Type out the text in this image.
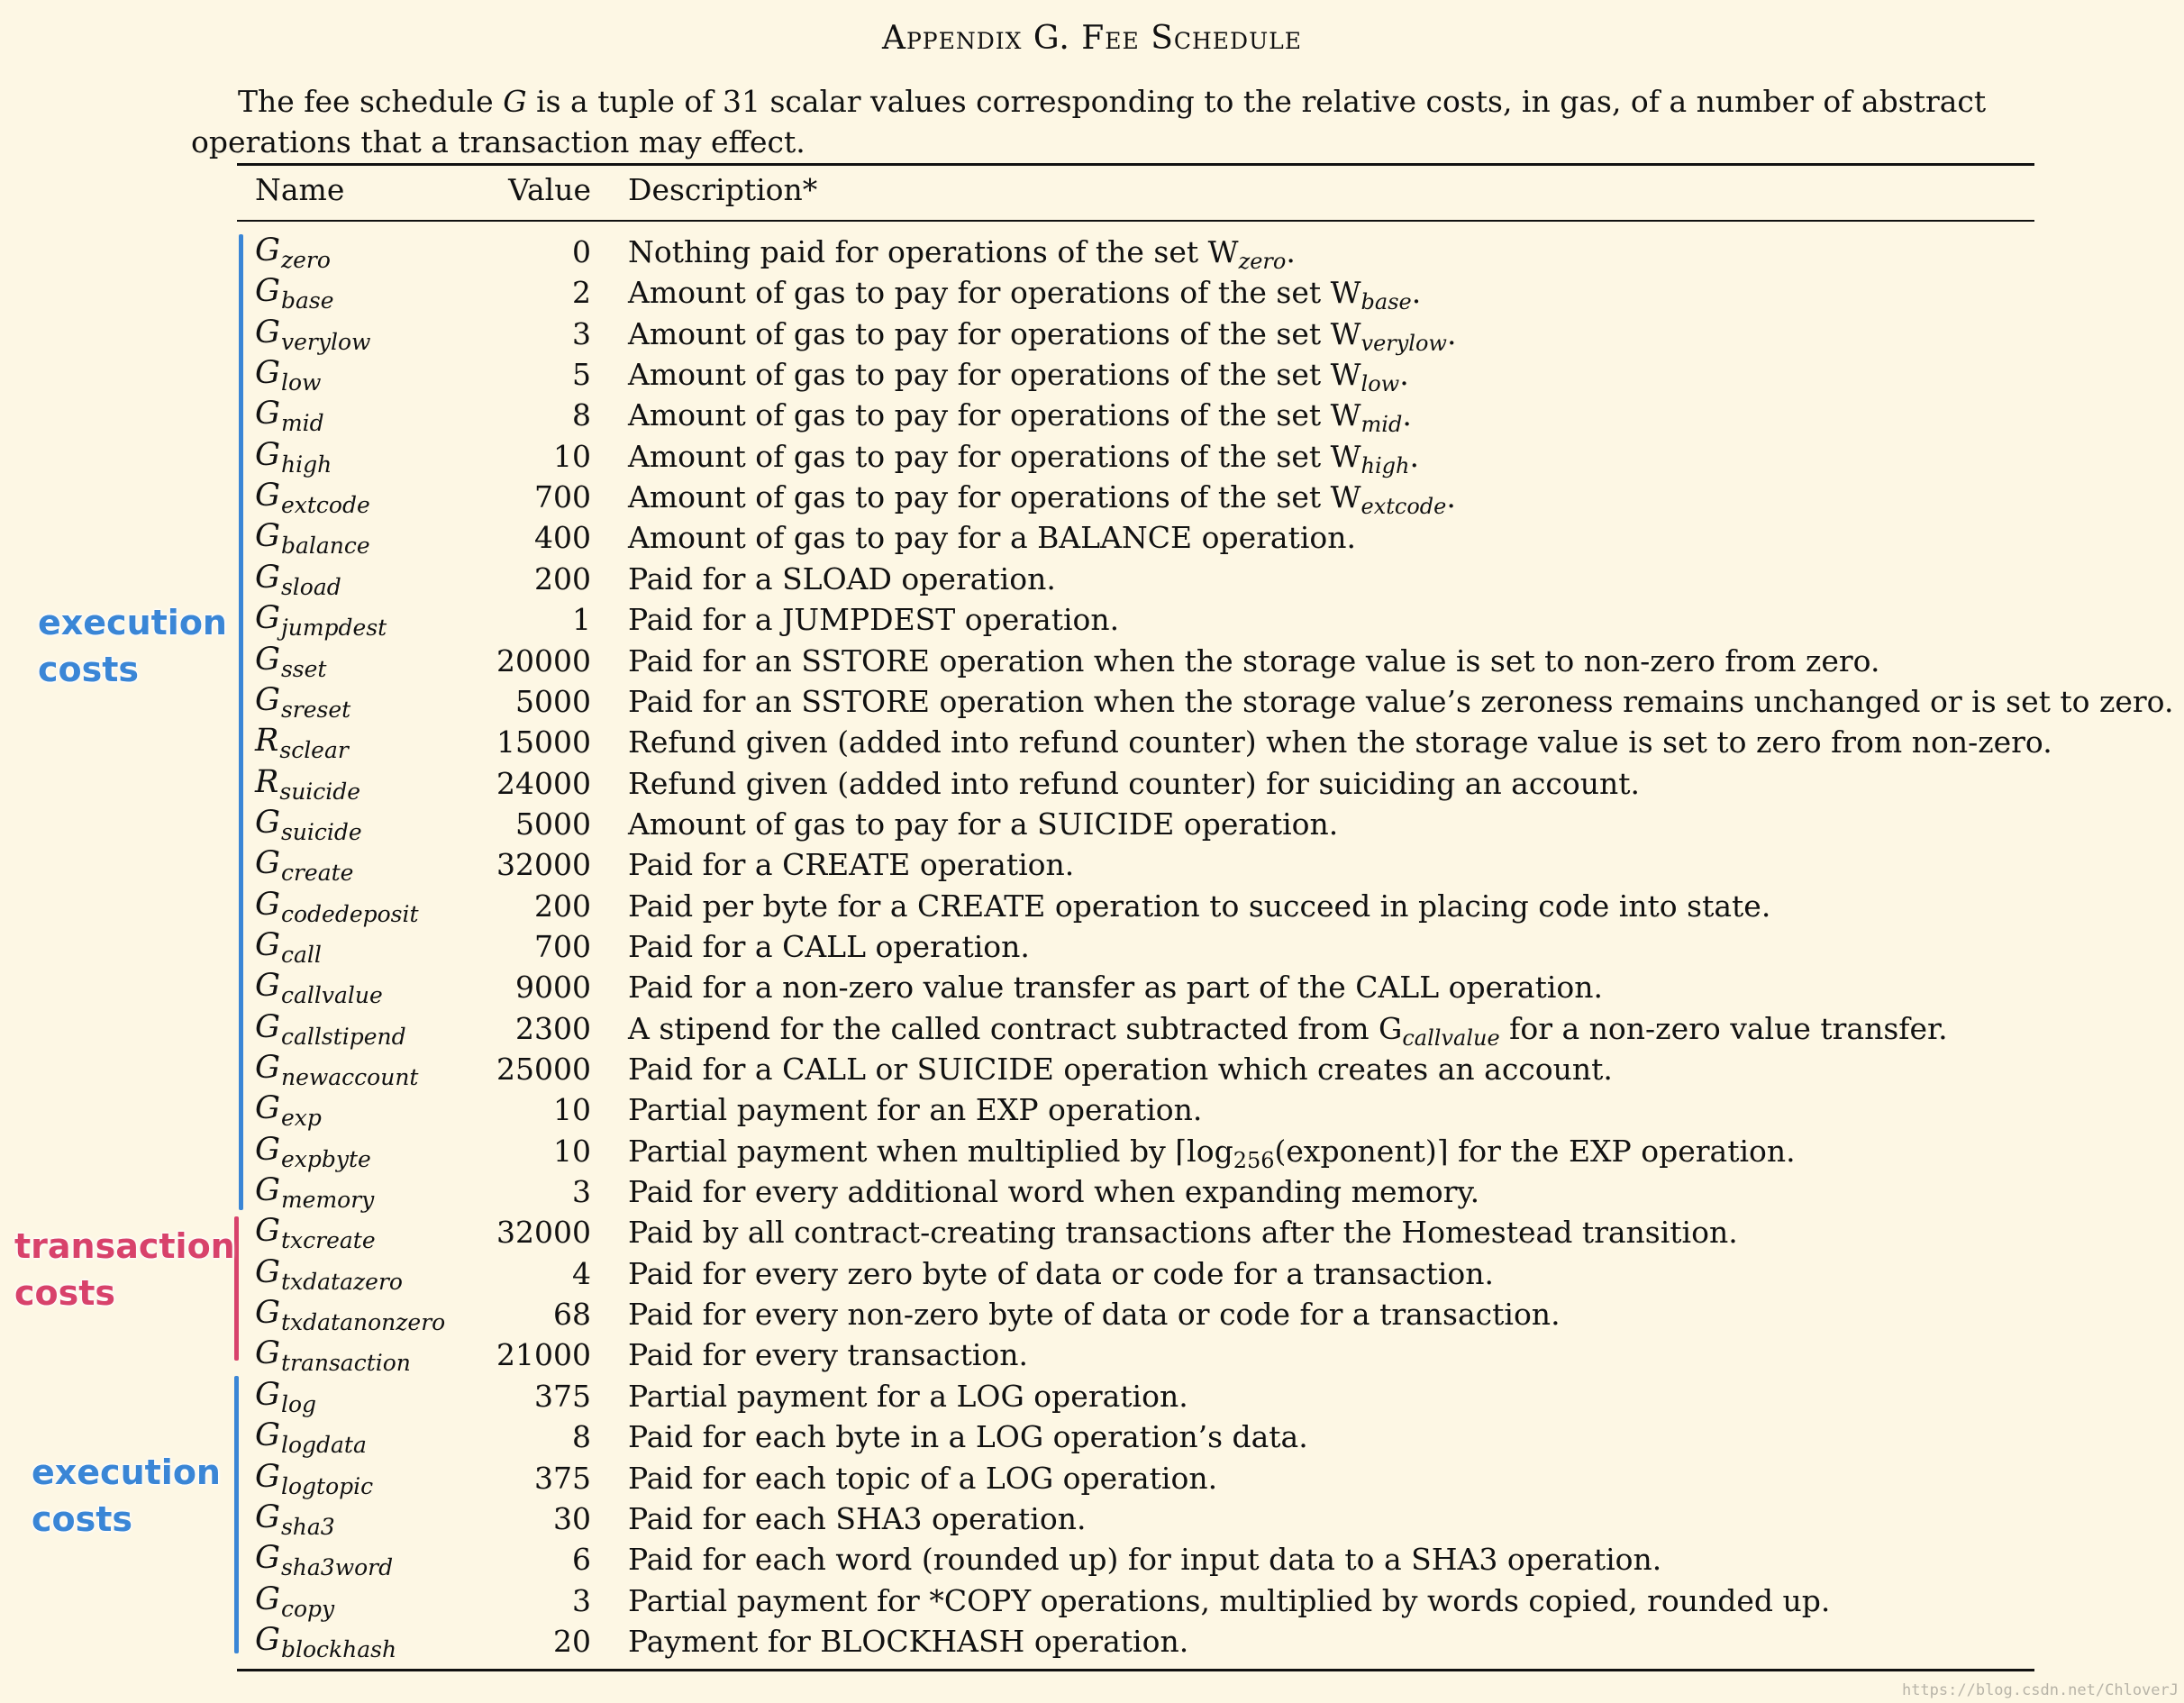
Appendix G. Fee Schedule
The fee schedule G is a tuple of 31 scalar values corresponding to the relative costs, in gas, of a number of abstract operations that a transaction may effect.
Name	Value Description*
$G_{zero}$	0 Nothing paid for operations of the set $W_{zero}$.
$G_{base}$	2 Amount of gas to pay for operations of the set $W_{base}$.
$G_{verylow}$	3 Amount of gas to pay for operations of the set $W_{verylow}$.
$G_{low}$	5 Amount of gas to pay for operations of the set $W_{low}$.
$G_{mid}$	8 Amount of gas to pay for operations of the set $W_{mid}$.
$G_{high}$	10 Amount of gas to pay for operations of the set $W_{high}$.
$G_{extcode}$	700 Amount of gas to pay for operations of the set $W_{extcode}$.
$G_{balance}$	400 Amount of gas to pay for a BALANCE operation.
$G_{sload}$	200 Paid for a SLOAD operation.
$G_{jumpdest}$	1 Paid for a JUMPDEST operation.
$G_{sset}$	20000 Paid for an SSTORE operation when the storage value is set to non-zero from zero.
$G_{sreset}$	5000 Paid for an SSTORE operation when the storage value’s zeroness remains unchanged or is set to zero.
$R_{sclear}$	15000 Refund given (added into refund counter) when the storage value is set to zero from non-zero.
$R_{suicide}$	24000 Refund given (added into refund counter) for suiciding an account.
$G_{suicide}$	5000 Amount of gas to pay for a SUICIDE operation.
$G_{create}$	32000 Paid for a CREATE operation.
$G_{codedeposit}$	200 Paid per byte for a CREATE operation to succeed in placing code into state.
$G_{call}$	700 Paid for a CALL operation.
$G_{callvalue}$	9000 Paid for a non-zero value transfer as part of the CALL operation.
$G_{callstipend}$	2300 A stipend for the called contract subtracted from $G_{callvalue}$ for a non-zero value transfer.
$G_{newaccount}$	25000 Paid for a CALL or SUICIDE operation which creates an account.
$G_{exp}$	10 Partial payment for an EXP operation.
$G_{expbyte}$	10 Partial payment when multiplied by $⌈\log_{256}(exponent)⌉$ for the EXP operation.
$G_{memory}$	3 Paid for every additional word when expanding memory.
$G_{txcreate}$	32000 Paid by all contract-creating transactions after the Homestead transition.
$G_{txdatazero}$	4 Paid for every zero byte of data or code for a transaction.
$G_{txdatanonzero}$	68 Paid for every non-zero byte of data or code for a transaction.
$G_{transaction}$	21000 Paid for every transaction.
$G_{log}$	375 Partial payment for a LOG operation.
$G_{logdata}$	8 Paid for each byte in a LOG operation’s data.
$G_{logtopic}$	375 Paid for each topic of a LOG operation.
$G_{sha3}$	30 Paid for each SHA3 operation.
$G_{sha3word}$	6 Paid for each word (rounded up) for input data to a SHA3 operation.
$G_{copy}$	3 Partial payment for *COPY operations, multiplied by words copied, rounded up.
$G_{blockhash}$	20 Payment for BLOCKHASH operation.
execution
costs
transaction
costs
execution
costs
https://blog.csdn.net/ChloverJ
